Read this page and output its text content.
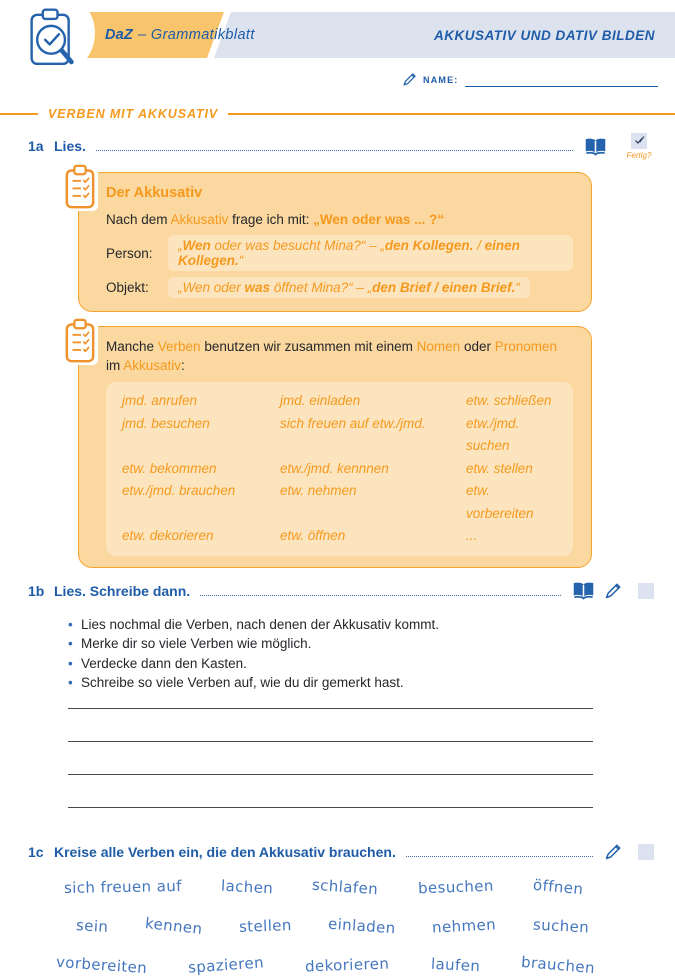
DaZ – Grammatikblatt	AKKUSATIV UND DATIV BILDEN
NAME:
VERBEN MIT AKKUSATIV
1a Lies.
Fertig?
Der Akkusativ
Nach dem Akkusativ frage ich mit: „Wen oder was ... ?“
Person:	„Wen oder was besucht Mina?“ – „den Kollegen. / einen Kollegen.“
Objekt:	„Wen oder was öffnet Mina?“ – „den Brief / einen Brief.“
Manche Verben benutzen wir zusammen mit einem Nomen oder Pronomen im Akkusativ:
jmd. anrufen	jmd. einladen	etw. schließen
jmd. besuchen	sich freuen auf etw./jmd.	etw./jmd. suchen
etw. bekommen	etw./jmd. kennnen	etw. stellen
etw./jmd. brauchen	etw. nehmen	etw. vorbereiten
etw. dekorieren	etw. öffnen	...
1b Lies. Schreibe dann.
• Lies nochmal die Verben, nach denen der Akkusativ kommt.
• Merke dir so viele Verben wie möglich.
• Verdecke dann den Kasten.
• Schreibe so viele Verben auf, wie du dir gemerkt hast.
1c Kreise alle Verben ein, die den Akkusativ brauchen.
sich freuen auf	lachen	schlafen	besuchen	öffnen
sein kennen stellen einladen nehmen suchen
vorbereiten	spazieren	dekorieren	laufen	brauchen
